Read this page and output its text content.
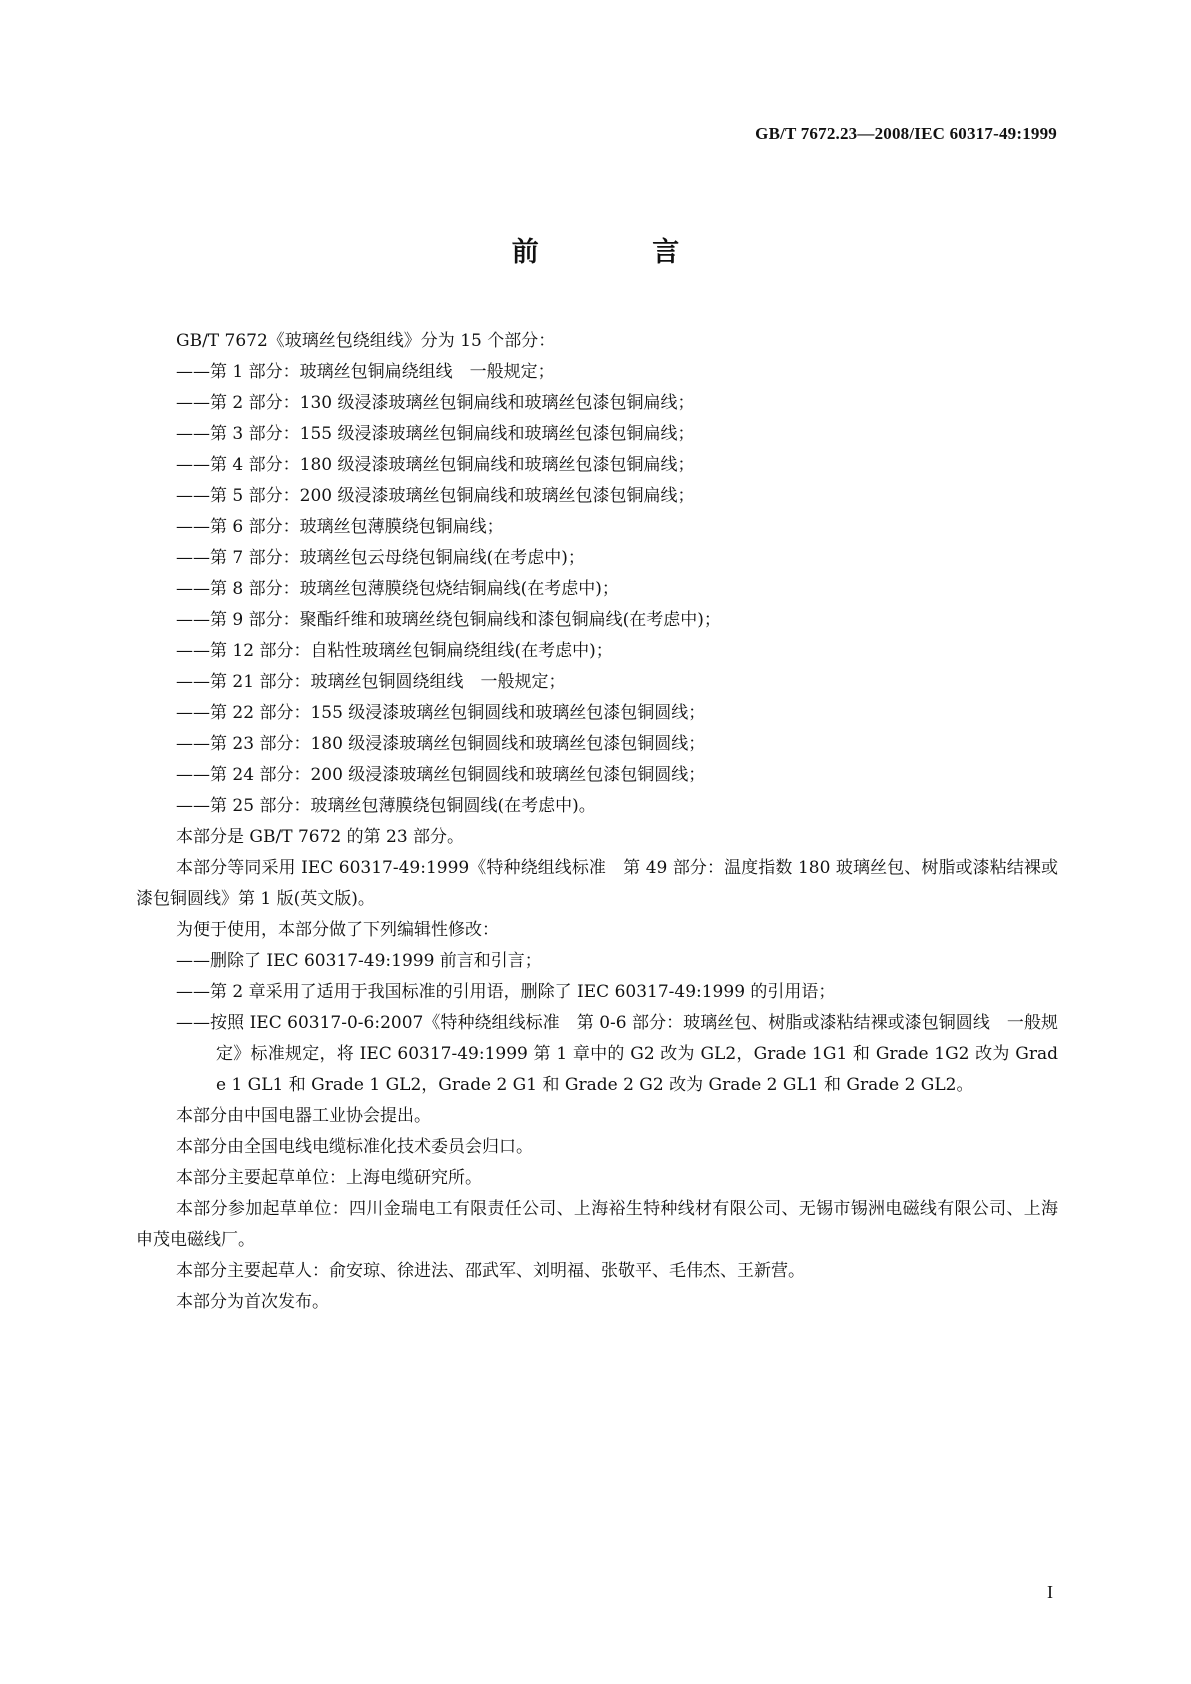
GB/T 7672.23—2008/IEC 60317-49:1999
前 言

GB/T 7672《玻璃丝包绕组线》分为 15 个部分：

——第 1 部分：玻璃丝包铜扁绕组线　一般规定；

——第 2 部分：130 级浸漆玻璃丝包铜扁线和玻璃丝包漆包铜扁线；

——第 3 部分：155 级浸漆玻璃丝包铜扁线和玻璃丝包漆包铜扁线；

——第 4 部分：180 级浸漆玻璃丝包铜扁线和玻璃丝包漆包铜扁线；

——第 5 部分：200 级浸漆玻璃丝包铜扁线和玻璃丝包漆包铜扁线；

——第 6 部分：玻璃丝包薄膜绕包铜扁线；

——第 7 部分：玻璃丝包云母绕包铜扁线(在考虑中)；

——第 8 部分：玻璃丝包薄膜绕包烧结铜扁线(在考虑中)；

——第 9 部分：聚酯纤维和玻璃丝绕包铜扁线和漆包铜扁线(在考虑中)；

——第 12 部分：自粘性玻璃丝包铜扁绕组线(在考虑中)；

——第 21 部分：玻璃丝包铜圆绕组线　一般规定；

——第 22 部分：155 级浸漆玻璃丝包铜圆线和玻璃丝包漆包铜圆线；

——第 23 部分：180 级浸漆玻璃丝包铜圆线和玻璃丝包漆包铜圆线；

——第 24 部分：200 级浸漆玻璃丝包铜圆线和玻璃丝包漆包铜圆线；

——第 25 部分：玻璃丝包薄膜绕包铜圆线(在考虑中)。

本部分是 GB/T 7672 的第 23 部分。

本部分等同采用 IEC 60317-49:1999《特种绕组线标准　第 49 部分：温度指数 180 玻璃丝包、树脂或漆粘结裸或漆包铜圆线》第 1 版(英文版)。

为便于使用，本部分做了下列编辑性修改：

——删除了 IEC 60317-49:1999 前言和引言；

——第 2 章采用了适用于我国标准的引用语，删除了 IEC 60317-49:1999 的引用语；

——按照 IEC 60317-0-6:2007《特种绕组线标准　第 0-6 部分：玻璃丝包、树脂或漆粘结裸或漆包铜圆线　一般规定》标准规定，将 IEC 60317-49:1999 第 1 章中的 G2 改为 GL2，Grade 1G1 和 Grade 1G2 改为 Grade 1 GL1 和 Grade 1 GL2，Grade 2 G1 和 Grade 2 G2 改为 Grade 2 GL1 和 Grade 2 GL2。

本部分由中国电器工业协会提出。

本部分由全国电线电缆标准化技术委员会归口。

本部分主要起草单位：上海电缆研究所。

本部分参加起草单位：四川金瑞电工有限责任公司、上海裕生特种线材有限公司、无锡市锡洲电磁线有限公司、上海申茂电磁线厂。

本部分主要起草人：俞安琼、徐进法、邵武军、刘明福、张敬平、毛伟杰、王新营。

本部分为首次发布。

I
